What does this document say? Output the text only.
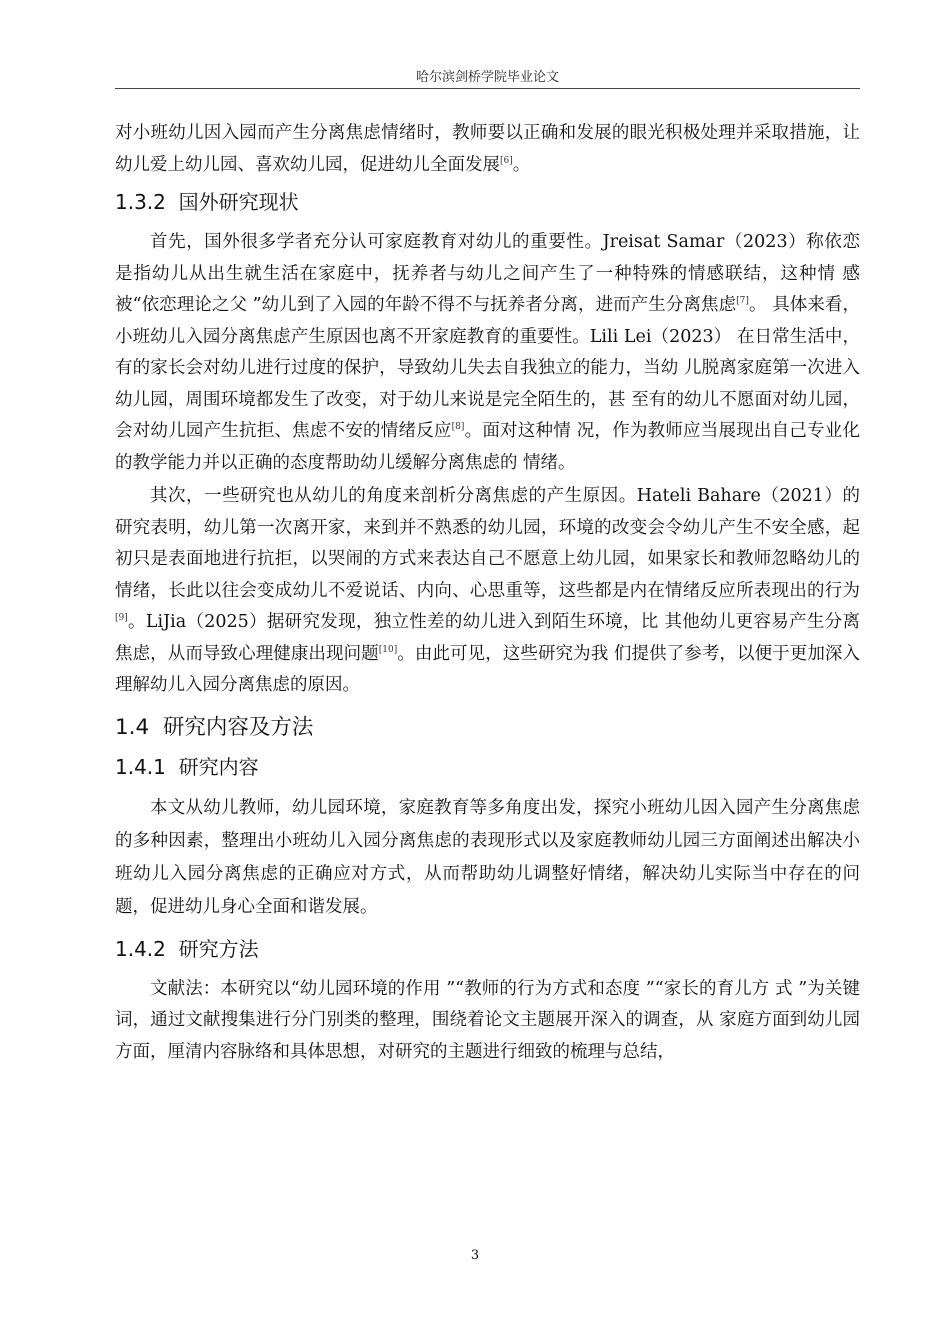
哈尔滨剑桥学院毕业论文

对小班幼儿因入园而产生分离焦虑情绪时，教师要以正确和发展的眼光积极处理并采取措施，让幼儿爱上幼儿园、喜欢幼儿园，促进幼儿全面发展[6]。

1.3.2 国外研究现状

首先，国外很多学者充分认可家庭教育对幼儿的重要性。Jreisat Samar（2023）称依恋 是指幼儿从出生就生活在家庭中，抚养者与幼儿之间产生了一种特殊的情感联结，这种情 感被“依恋理论之父 ”幼儿到了入园的年龄不得不与抚养者分离，进而产生分离焦虑[7]。 具体来看，小班幼儿入园分离焦虑产生原因也离不开家庭教育的重要性。Lili Lei（2023） 在日常生活中，有的家长会对幼儿进行过度的保护，导致幼儿失去自我独立的能力，当幼 儿脱离家庭第一次进入幼儿园，周围环境都发生了改变，对于幼儿来说是完全陌生的，甚 至有的幼儿不愿面对幼儿园，会对幼儿园产生抗拒、焦虑不安的情绪反应[8]。面对这种情 况，作为教师应当展现出自己专业化的教学能力并以正确的态度帮助幼儿缓解分离焦虑的 情绪。

其次，一些研究也从幼儿的角度来剖析分离焦虑的产生原因。Hateli Bahare（2021）的研究表明，幼儿第一次离开家，来到并不熟悉的幼儿园，环境的改变会令幼儿产生不安全感，起初只是表面地进行抗拒，以哭闹的方式来表达自己不愿意上幼儿园，如果家长和教师忽略幼儿的情绪，长此以往会变成幼儿不爱说话、内向、心思重等，这些都是内在情绪反应所表现出的行为[9]。LiJia（2025）据研究发现，独立性差的幼儿进入到陌生环境，比 其他幼儿更容易产生分离焦虑，从而导致心理健康出现问题[10]。由此可见，这些研究为我 们提供了参考，以便于更加深入理解幼儿入园分离焦虑的原因。

1.4 研究内容及方法
1.4.1 研究内容

本文从幼儿教师，幼儿园环境，家庭教育等多角度出发，探究小班幼儿因入园产生分离焦虑的多种因素，整理出小班幼儿入园分离焦虑的表现形式以及家庭教师幼儿园三方面阐述出解决小班幼儿入园分离焦虑的正确应对方式，从而帮助幼儿调整好情绪，解决幼儿实际当中存在的问题，促进幼儿身心全面和谐发展。

1.4.2 研究方法

文献法：本研究以“幼儿园环境的作用 ”“教师的行为方式和态度 ”“家长的育儿方 式 ”为关键词，通过文献搜集进行分门别类的整理，围绕着论文主题展开深入的调查，从 家庭方面到幼儿园方面，厘清内容脉络和具体思想，对研究的主题进行细致的梳理与总结，

3
